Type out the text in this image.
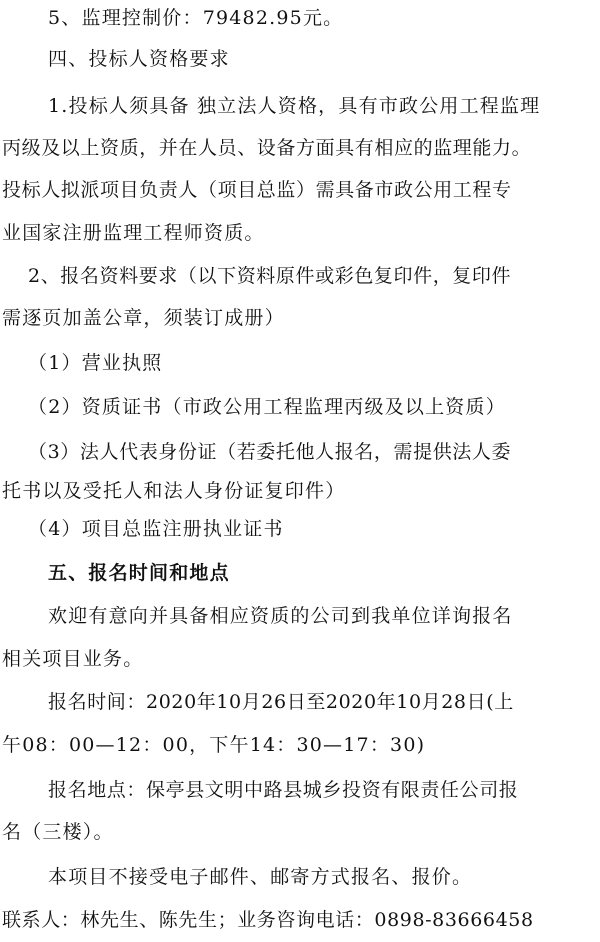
5、监理控制价：79482.95元。
四、投标人资格要求
1.投标人须具备 独立法人资格，具有市政公用工程监理
丙级及以上资质，并在人员、设备方面具有相应的监理能力。
投标人拟派项目负责人（项目总监）需具备市政公用工程专
业国家注册监理工程师资质。
2、报名资料要求（以下资料原件或彩色复印件，复印件
需逐页加盖公章，须装订成册）
（1）营业执照
（2）资质证书（市政公用工程监理丙级及以上资质）
（3）法人代表身份证（若委托他人报名，需提供法人委
托书以及受托人和法人身份证复印件）
（4）项目总监注册执业证书
五、报名时间和地点
欢迎有意向并具备相应资质的公司到我单位详询报名
相关项目业务。
报名时间：2020年10月26日至2020年10月28日(上
午08：00—12：00，下午14：30—17：30)
报名地点：保亭县文明中路县城乡投资有限责任公司报
名（三楼）。
本项目不接受电子邮件、邮寄方式报名、报价。
联系人：林先生、陈先生；业务咨询电话：0898-83666458
